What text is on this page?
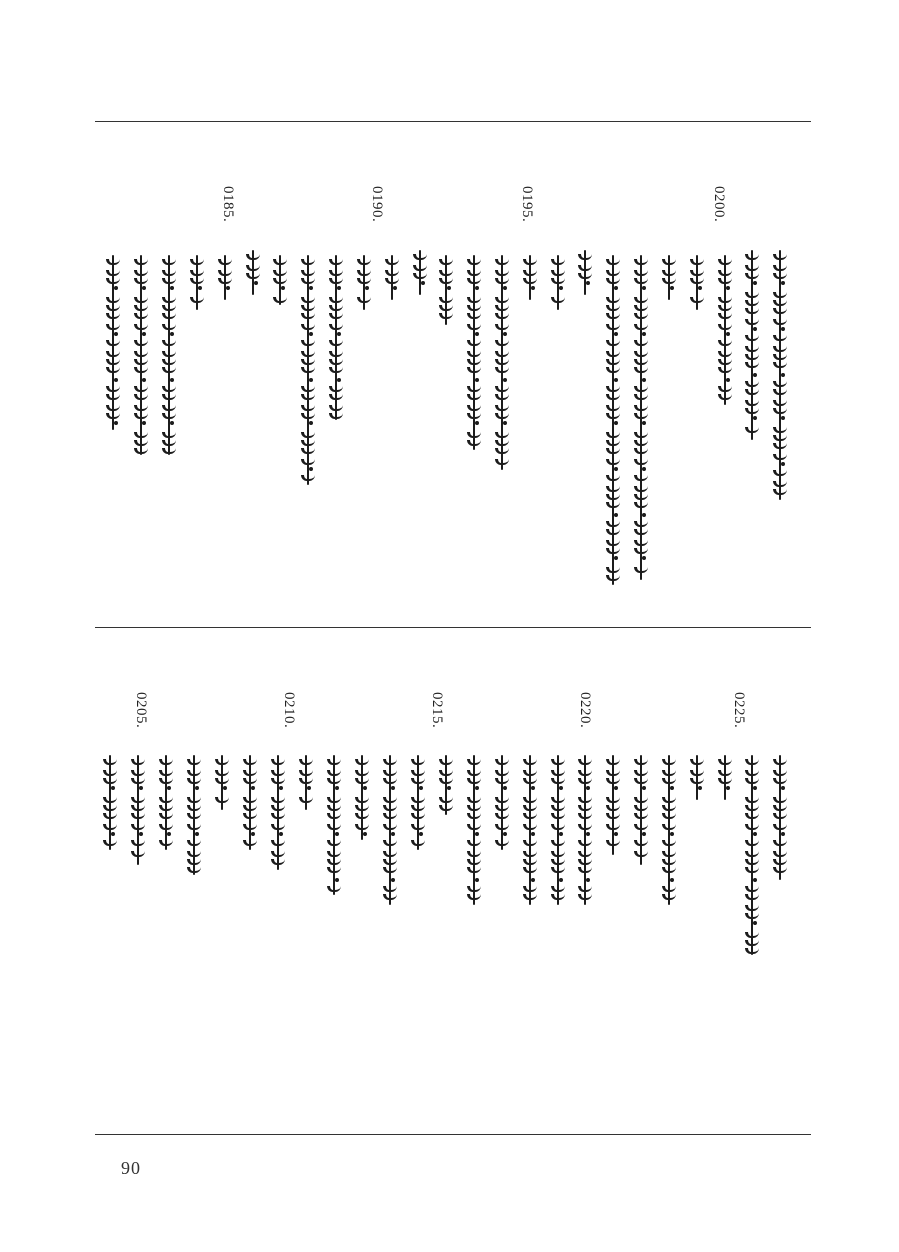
0200.
0195.
0190.
0185.
0225.
0220.
0215.
0210.
0205.
90
